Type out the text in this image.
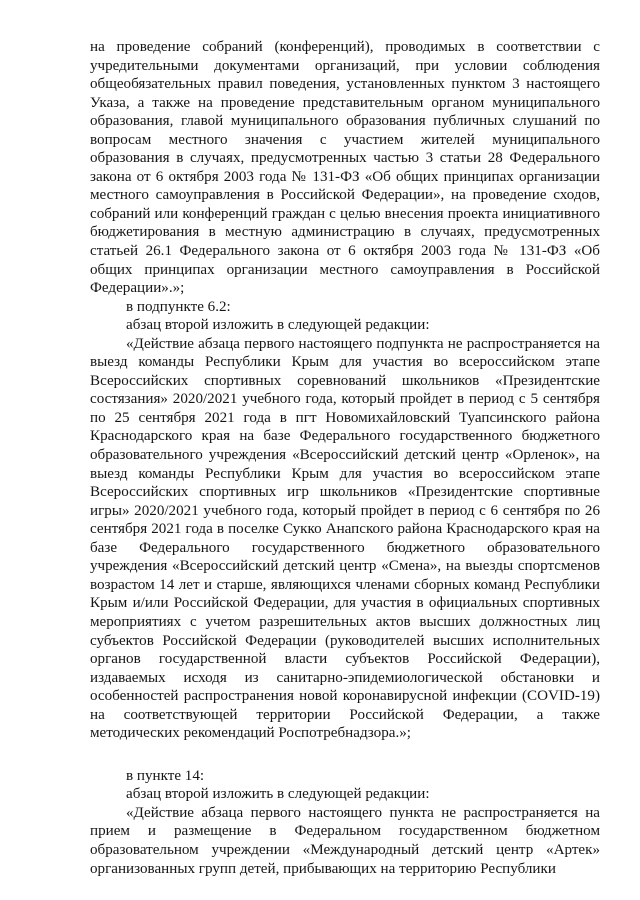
на проведение собраний (конференций), проводимых в соответствии с учредительными документами организаций, при условии соблюдения общеобязательных правил поведения, установленных пунктом 3 настоящего Указа, а также на проведение представительным органом муниципального образования, главой муниципального образования публичных слушаний по вопросам местного значения с участием жителей муниципального образования в случаях, предусмотренных частью 3 статьи 28 Федерального закона от 6 октября 2003 года № 131-ФЗ «Об общих принципах организации местного самоуправления в Российской Федерации», на проведение сходов, собраний или конференций граждан с целью внесения проекта инициативного бюджетирования в местную администрацию в случаях, предусмотренных статьей 26.1 Федерального закона от 6 октября 2003 года № 131-ФЗ «Об общих принципах организации местного самоуправления в Российской Федерации».»;

в подпункте 6.2:

абзац второй изложить в следующей редакции:

«Действие абзаца первого настоящего подпункта не распространяется на выезд команды Республики Крым для участия во всероссийском этапе Всероссийских спортивных соревнований школьников «Президентские состязания» 2020/2021 учебного года, который пройдет в период с 5 сентября по 25 сентября 2021 года в пгт Новомихайловский Туапсинского района Краснодарского края на базе Федерального государственного бюджетного образовательного учреждения «Всероссийский детский центр «Орленок», на выезд команды Республики Крым для участия во всероссийском этапе Всероссийских спортивных игр школьников «Президентские спортивные игры» 2020/2021 учебного года, который пройдет в период с 6 сентября по 26 сентября 2021 года в поселке Сукко Анапского района Краснодарского края на базе Федерального государственного бюджетного образовательного учреждения «Всероссийский детский центр «Смена», на выезды спортсменов возрастом 14 лет и старше, являющихся членами сборных команд Республики Крым и/или Российской Федерации, для участия в официальных спортивных мероприятиях с учетом разрешительных актов высших должностных лиц субъектов Российской Федерации (руководителей высших исполнительных органов государственной власти субъектов Российской Федерации), издаваемых исходя из санитарно-эпидемиологической обстановки и особенностей распространения новой коронавирусной инфекции (COVID-19) на соответствующей территории Российской Федерации, а также методических рекомендаций Роспотребнадзора.»;

в пункте 14:

абзац второй изложить в следующей редакции:

«Действие абзаца первого настоящего пункта не распространяется на прием и размещение в Федеральном государственном бюджетном образовательном учреждении «Международный детский центр «Артек» организованных групп детей, прибывающих на территорию Республики
